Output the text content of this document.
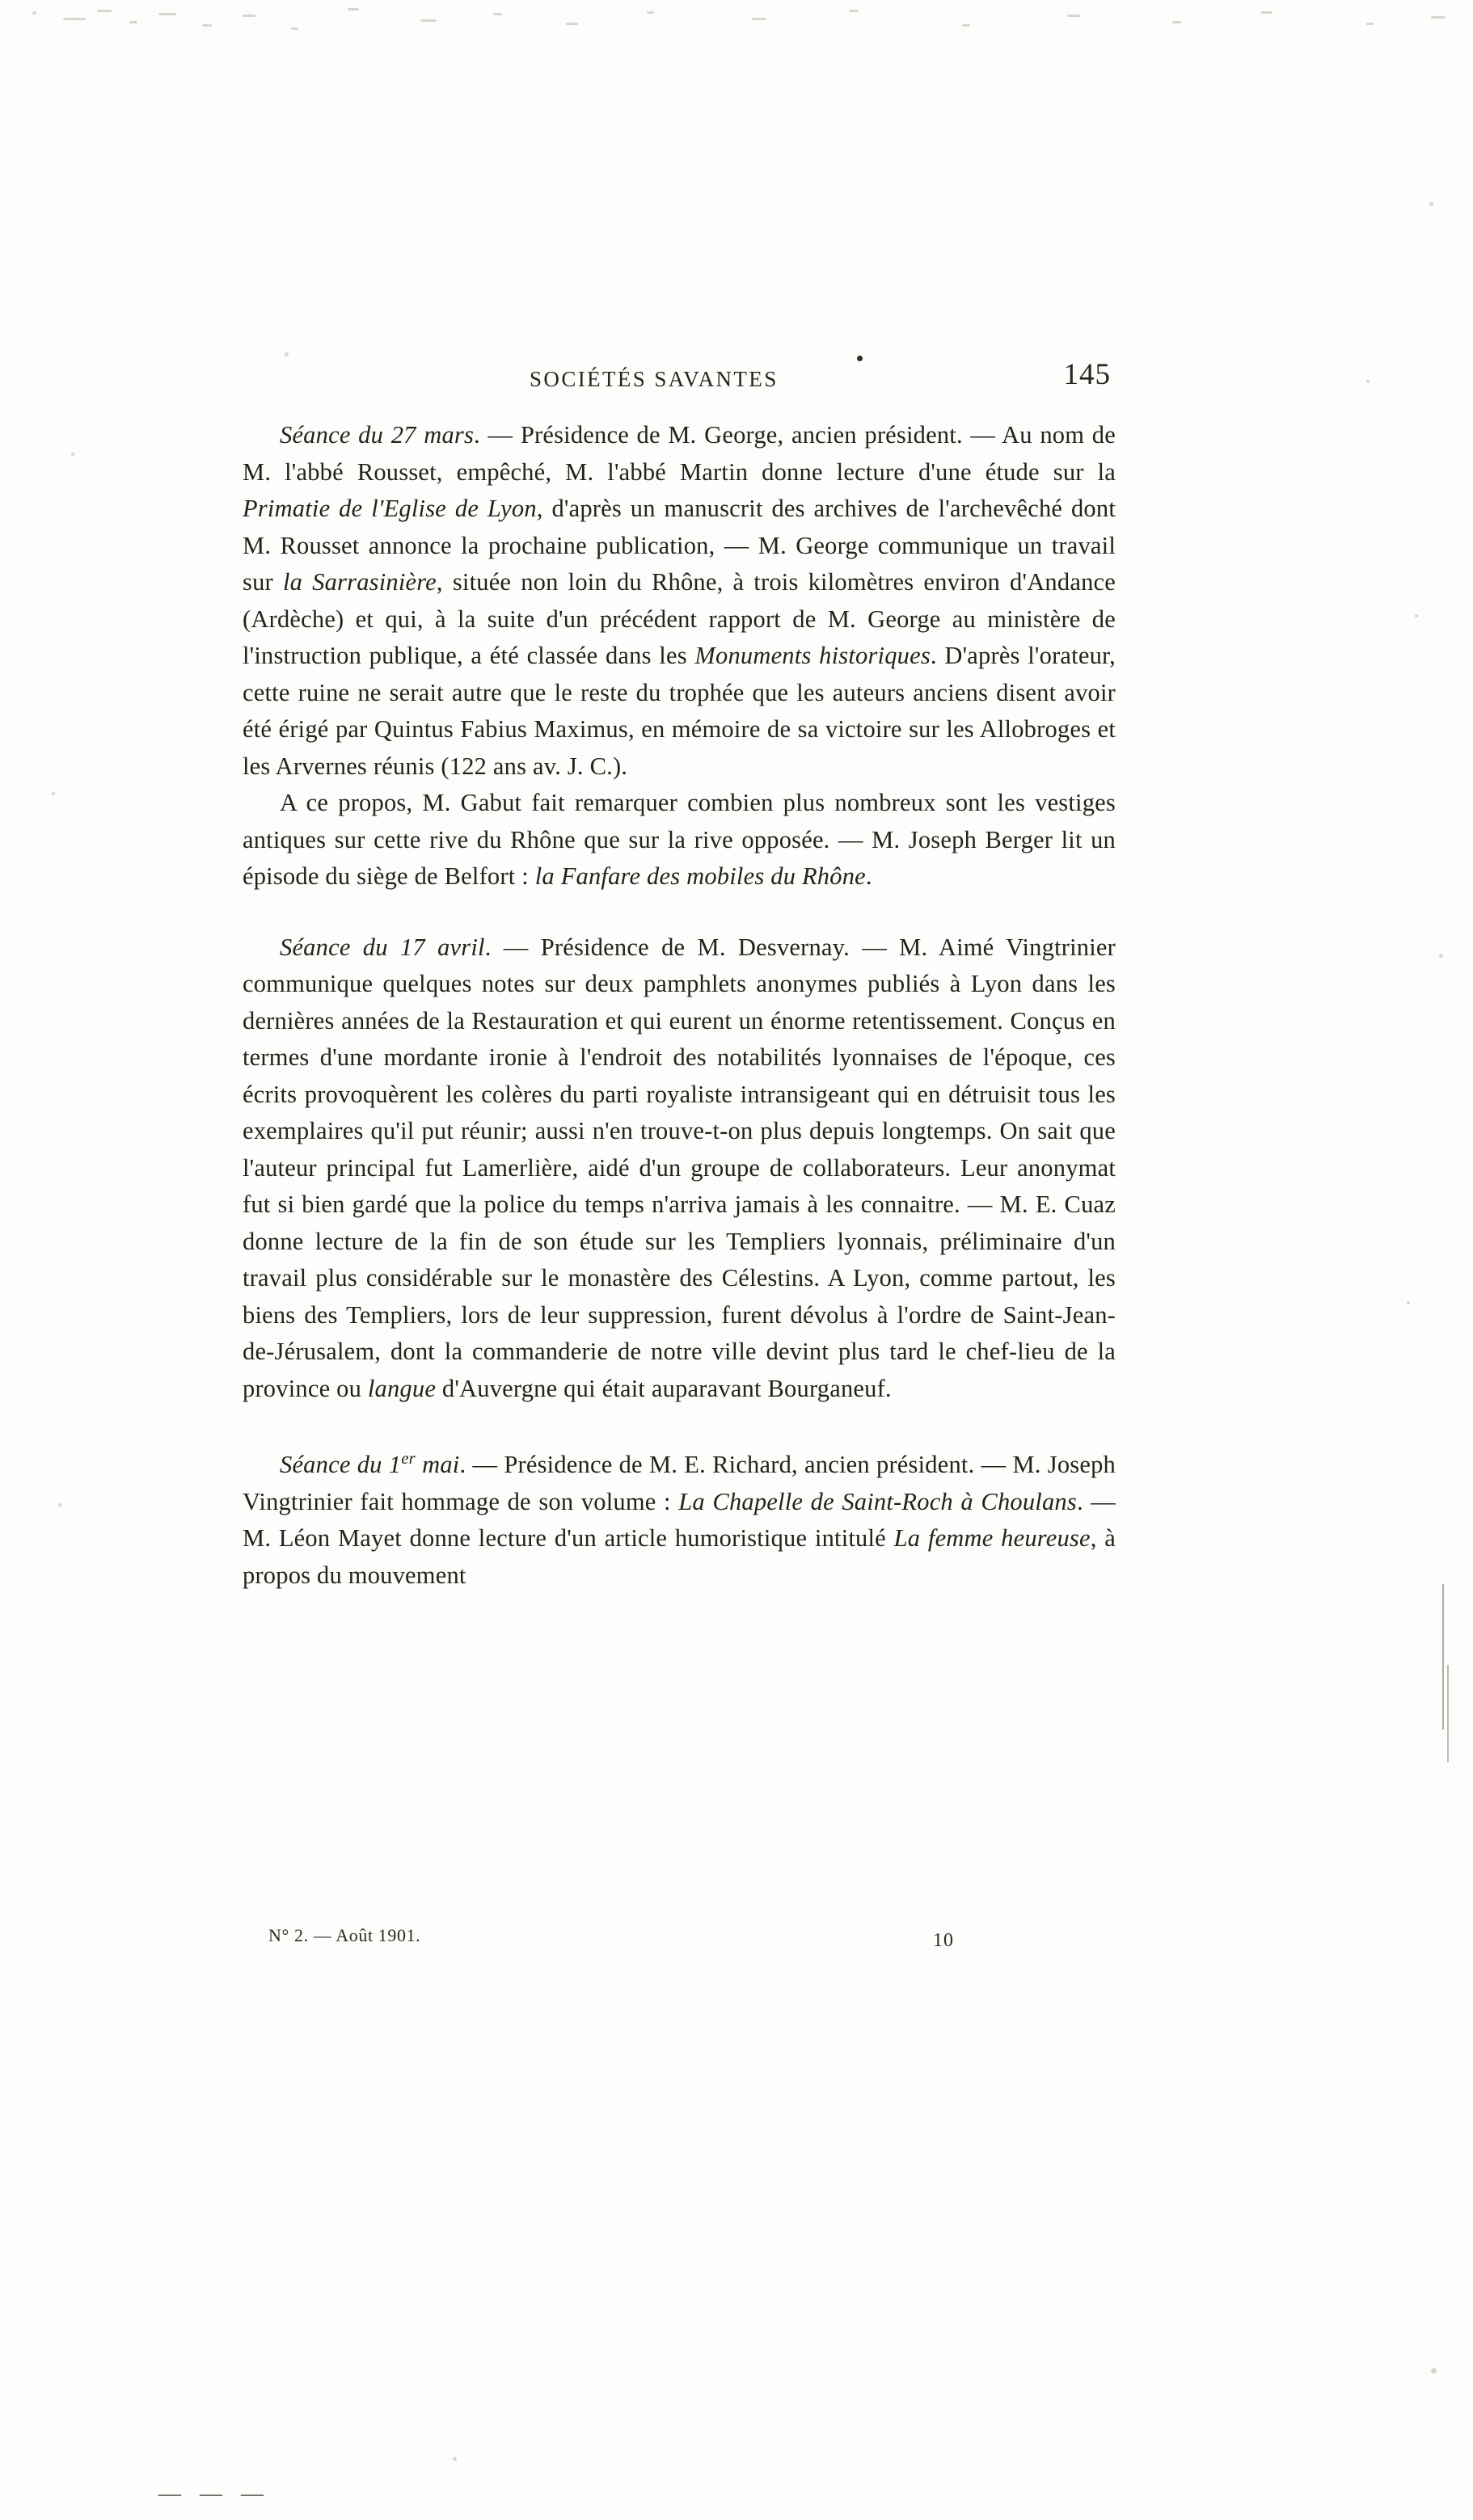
SOCIÉTÉS SAVANTES	145

Séance du 27 mars. — Présidence de M. George, ancien président. — Au nom de M. l'abbé Rousset, empêché, M. l'abbé Martin donne lecture d'une étude sur la Primatie de l'Eglise de Lyon, d'après un manuscrit des archives de l'archevêché dont M. Rousset annonce la prochaine publication, — M. George communique un travail sur la Sarrasinière, située non loin du Rhône, à trois kilomètres environ d'Andance (Ardèche) et qui, à la suite d'un précédent rapport de M. George au ministère de l'instruction publique, a été classée dans les Monuments historiques. D'après l'orateur, cette ruine ne serait autre que le reste du trophée que les auteurs anciens disent avoir été érigé par Quintus Fabius Maximus, en mémoire de sa victoire sur les Allobroges et les Arvernes réunis (122 ans av. J. C.).

A ce propos, M. Gabut fait remarquer combien plus nombreux sont les vestiges antiques sur cette rive du Rhône que sur la rive opposée. — M. Joseph Berger lit un épisode du siège de Belfort : la Fanfare des mobiles du Rhône.

Séance du 17 avril. — Présidence de M. Desvernay. — M. Aimé Vingtrinier communique quelques notes sur deux pamphlets anonymes publiés à Lyon dans les dernières années de la Restauration et qui eurent un énorme retentissement. Conçus en termes d'une mordante ironie à l'endroit des notabilités lyonnaises de l'époque, ces écrits provoquèrent les colères du parti royaliste intransigeant qui en détruisit tous les exemplaires qu'il put réunir; aussi n'en trouve-t-on plus depuis longtemps. On sait que l'auteur principal fut Lamerlière, aidé d'un groupe de collaborateurs. Leur anonymat fut si bien gardé que la police du temps n'arriva jamais à les connaitre. — M. E. Cuaz donne lecture de la fin de son étude sur les Templiers lyonnais, préliminaire d'un travail plus considérable sur le monastère des Célestins. A Lyon, comme partout, les biens des Templiers, lors de leur suppression, furent dévolus à l'ordre de Saint-Jean-de-Jérusalem, dont la commanderie de notre ville devint plus tard le chef-lieu de la province ou langue d'Auvergne qui était auparavant Bourganeuf.

Séance du 1er mai. — Présidence de M. E. Richard, ancien président. — M. Joseph Vingtrinier fait hommage de son volume : La Chapelle de Saint-Roch à Choulans. — M. Léon Mayet donne lecture d'un article humoristique intitulé La femme heureuse, à propos du mouvement

N° 2. — Août 1901.	10
— — —
